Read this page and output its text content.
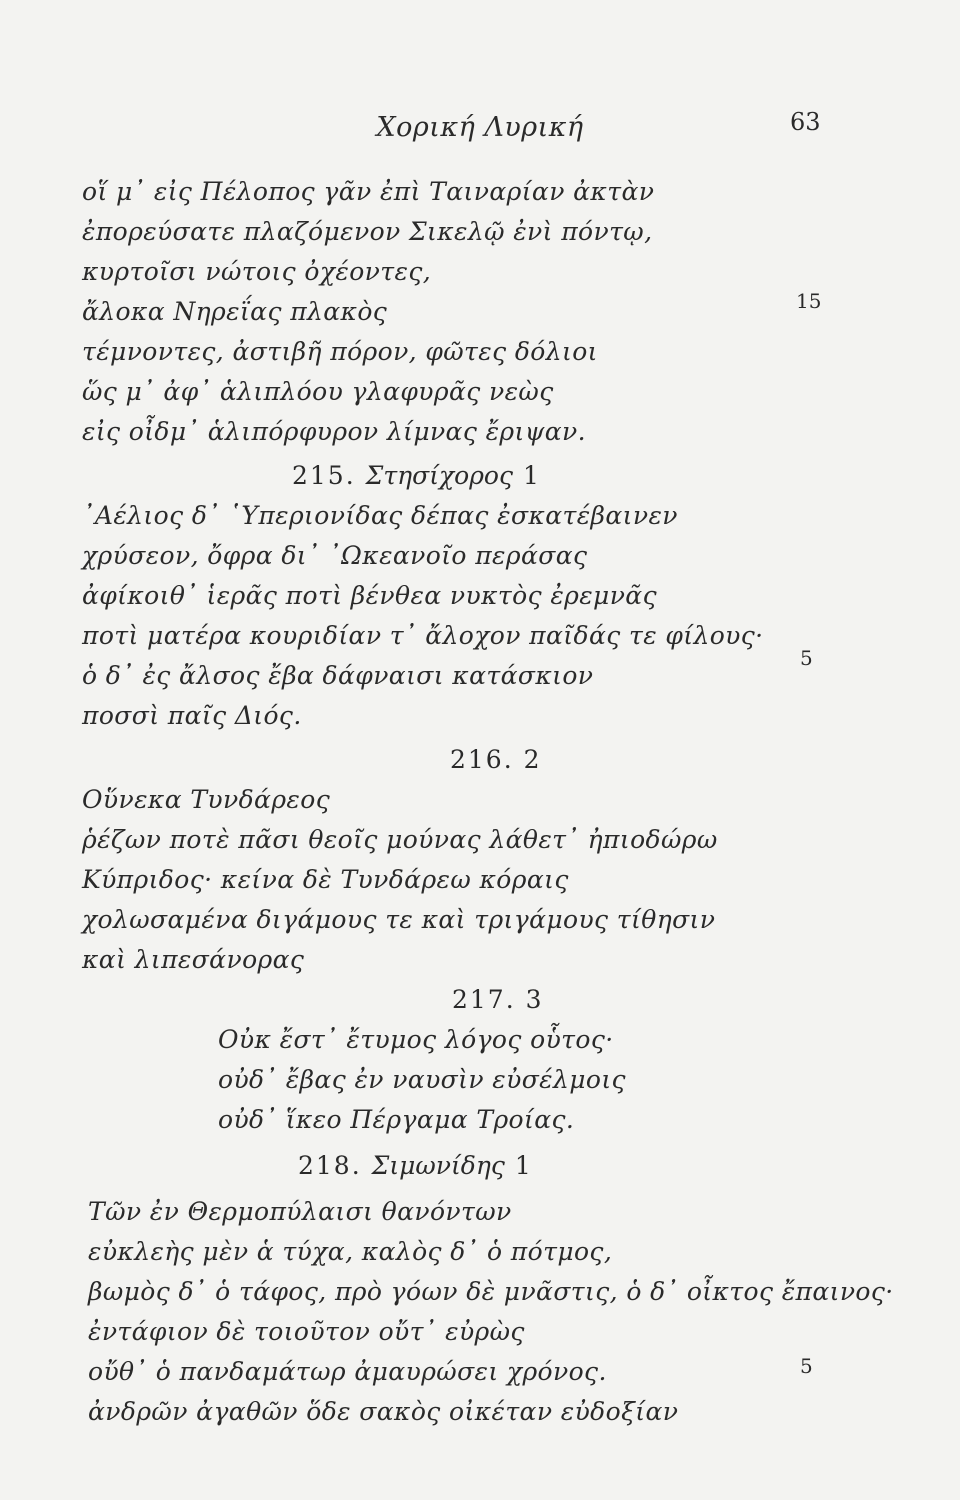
Χορική Λυρική	63
οἵ μ᾽ εἰς Πέλοπος γᾶν ἐπὶ Ταιναρίαν ἀκτὰν
ἐπορεύσατε πλαζόμενον Σικελῷ ἐνὶ πόντῳ,
κυρτοῖσι νώτοις ὀχέοντες,
ἄλοκα Νηρεΐας πλακὸς	15
τέμνοντες, ἀστιβῆ πόρον, φῶτες δόλιοι
ὥς μ᾽ ἀφ᾽ ἁλιπλόου γλαφυρᾶς νεὼς
εἰς οἶδμ᾽ ἁλιπόρφυρον λίμνας ἔριψαν.
215. Στησίχορος 1
᾽Αέλιος δ᾽ ῾Υπεριονίδας δέπας ἐσκατέβαινεν
χρύσεον, ὄφρα δι᾽ ᾽Ωκεανοῖο περάσας
ἀφίκοιθ᾽ ἱερᾶς ποτὶ βένθεα νυκτὸς ἐρεμνᾶς
ποτὶ ματέρα κουριδίαν τ᾽ ἄλοχον παῖδάς τε φίλους·
ὁ δ᾽ ἐς ἄλσος ἔβα δάφναισι κατάσκιον
5
ποσσὶ παῖς Διός.
216. 2
Οὕνεκα Τυνδάρεος
ῥέζων ποτὲ πᾶσι θεοῖς μούνας λάθετ᾽ ἠπιοδώρω
Κύπριδος· κείνα δὲ Τυνδάρεω κόραις
χολωσαμένα διγάμους τε καὶ τριγάμους τίθησιν
καὶ λιπεσάνορας
217. 3
Οὐκ ἔστ᾽ ἔτυμος λόγος οὗτος·
οὐδ᾽ ἔβας ἐν ναυσὶν εὐσέλμοις
οὐδ᾽ ἵκεο Πέργαμα Τροίας.
218. Σιμωνίδης 1
Τῶν ἐν Θερμοπύλαισι θανόντων
εὐκλεὴς μὲν ἁ τύχα, καλὸς δ᾽ ὁ πότμος,
βωμὸς δ᾽ ὁ τάφος, πρὸ γόων δὲ μνᾶστις, ὁ δ᾽ οἶκτος ἔπαινος·
ἐντάφιον δὲ τοιοῦτον οὔτ᾽ εὐρὼς
οὔθ᾽ ὁ πανδαμάτωρ ἀμαυρώσει χρόνος.	5
ἀνδρῶν ἀγαθῶν ὅδε σακὸς οἰκέταν εὐδοξίαν
